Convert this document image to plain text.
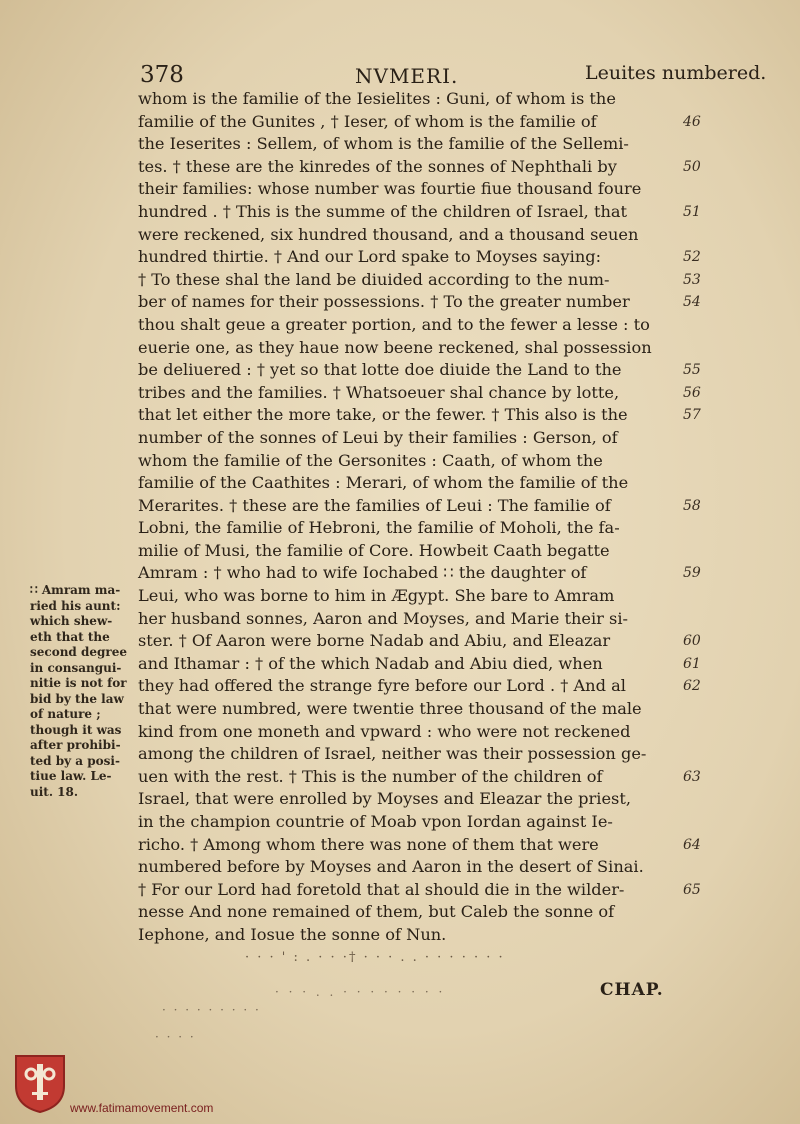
378	NVMERI.	Leuites numbered.
whom is the familie of the Iesielites : Guni, of whom is the
familie of the Gunites , † Ieser, of whom is the familie of	46
the Ieserites : Sellem, of whom is the familie of the Sellemi-
tes. † these are the kinredes of the sonnes of Nephthali by	50
their families: whose number was fourtie fiue thousand foure
hundred . † This is the summe of the children of Israel, that	51
were reckened, six hundred thousand, and a thousand seuen
hundred thirtie. † And our Lord spake to Moyses saying:	52
† To these shal the land be diuided according to the num-	53
ber of names for their possessions. † To the greater number	54
thou shalt geue a greater portion, and to the fewer a lesse : to
euerie one, as they haue now beene reckened, shal possession
be deliuered : † yet so that lotte doe diuide the Land to the	55
tribes and the families. † Whatsoeuer shal chance by lotte,	56
that let either the more take, or the fewer. † This also is the	57
number of the sonnes of Leui by their families : Gerson, of
whom the familie of the Gersonites : Caath, of whom the
familie of the Caathites : Merari, of whom the familie of the
Merarites. † these are the families of Leui : The familie of	58
Lobni, the familie of Hebroni, the familie of Moholi, the fa-
milie of Musi, the familie of Core. Howbeit Caath begatte
Amram : † who had to wife Iochabed ∷ the daughter of	59
Leui, who was borne to him in Ægypt. She bare to Amram
her husband sonnes, Aaron and Moyses, and Marie their si-
ster. † Of Aaron were borne Nadab and Abiu, and Eleazar	60
and Ithamar : † of the which Nadab and Abiu died, when	61
they had offered the strange fyre before our Lord . † And al	62
that were numbred, were twentie three thousand of the male
kind from one moneth and vpward : who were not reckened
among the children of Israel, neither was their possession ge-
uen with the rest. † This is the number of the children of	63
Israel, that were enrolled by Moyses and Eleazar the priest,
in the champion countrie of Moab vpon Iordan against Ie-
richo. † Among whom there was none of them that were	64
numbered before by Moyses and Aaron in the desert of Sinai.
† For our Lord had foretold that al should die in the wilder-	65
nesse And none remained of them, but Caleb the sonne of
Iephone, and Iosue the sonne of Nun.
∷ Amram ma-
ried his aunt:
which shew-
eth that the
second degree
in consangui-
nitie is not for
bid by the law
of nature ;
though it was
after prohibi-
ted by a posi-
tiue law. Le-
uit. 18.
· · · ' : . · · ·† · · · . . · · · · · · ·
· · · . . · · · · · · · ·	CHAP.
· · · · · · · · ·
· · · ·
www.fatimamovement.com
